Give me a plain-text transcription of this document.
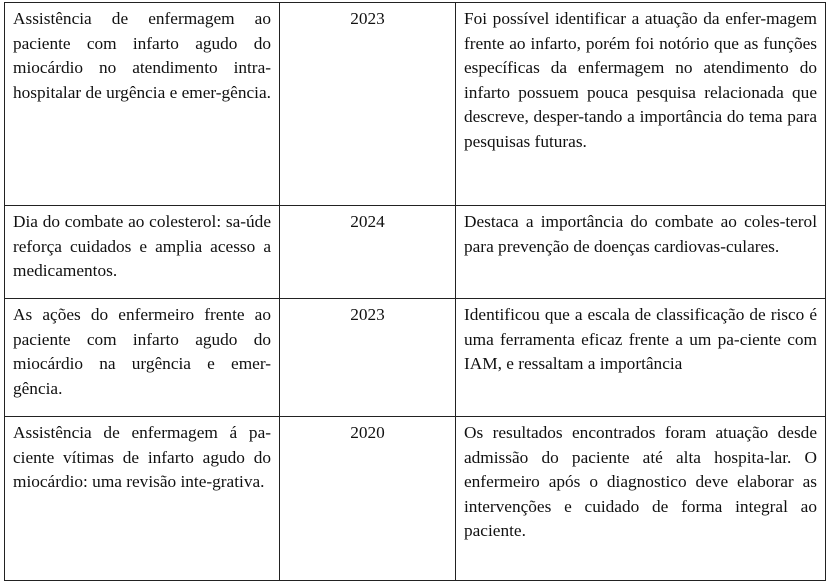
Assistência de enfermagem ao paciente com infarto agudo do miocárdio no atendimento intra-hospitalar de urgência e emer-gência.	2023	Foi possível identificar a atuação da enfer-magem frente ao infarto, porém foi notório que as funções específicas da enfermagem no atendimento do infarto possuem pouca pesquisa relacionada que descreve, desper-tando a importância do tema para pesquisas futuras.
Dia do combate ao colesterol: sa-úde reforça cuidados e amplia acesso a medicamentos.	2024	Destaca a importância do combate ao coles-terol para prevenção de doenças cardiovas-culares.
As ações do enfermeiro frente ao paciente com infarto agudo do miocárdio na urgência e emer-gência.	2023	Identificou que a escala de classificação de risco é uma ferramenta eficaz frente a um pa-ciente com IAM, e ressaltam a importância
Assistência de enfermagem á pa-ciente vítimas de infarto agudo do miocárdio: uma revisão inte-grativa.	2020	Os resultados encontrados foram atuação desde admissão do paciente até alta hospita-lar. O enfermeiro após o diagnostico deve elaborar as intervenções e cuidado de forma integral ao paciente.
